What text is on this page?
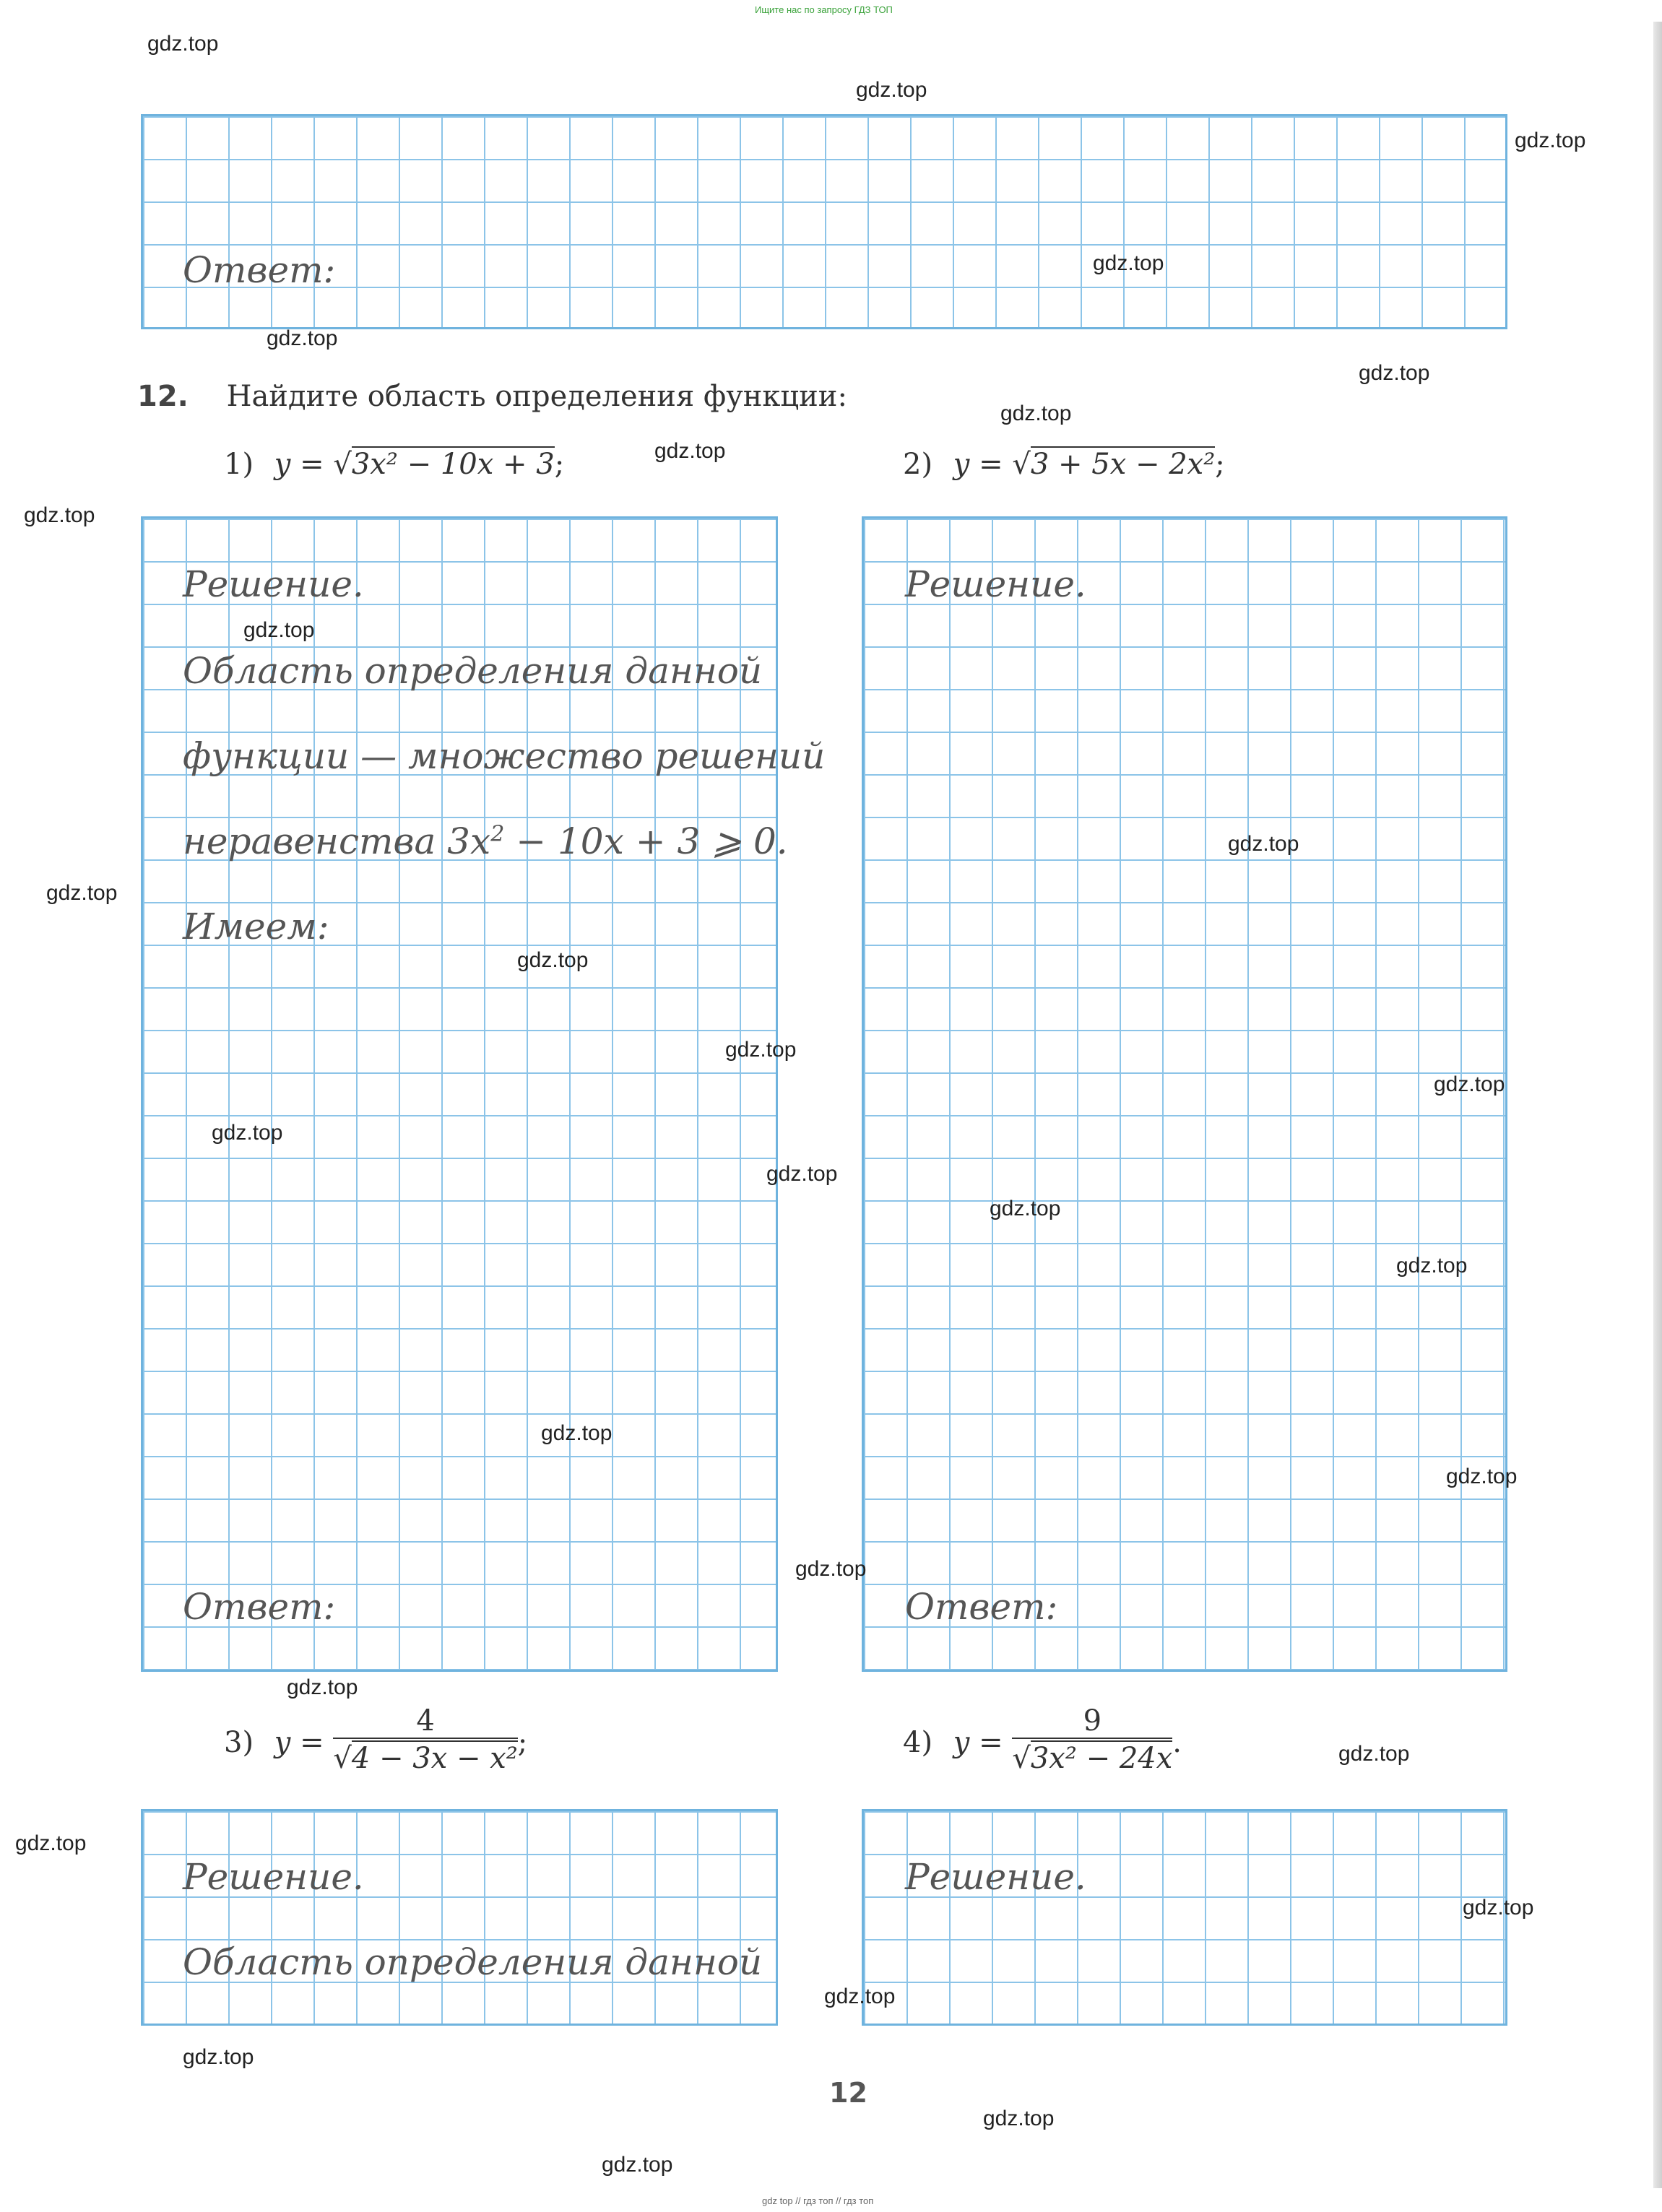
Ищите нас по запросу ГДЗ ТОП
gdz top // гдз топ // гдз топ
Ответ:
12. Найдите область определения функции:
1) y = √3x² − 10x + 3;	2) y = √3 + 5x − 2x²;
Решение.
Область определения данной
функции — множество решений
неравенства $3x^2 - 10x + 3$ ⩾ 0.
Имеем:
Ответ:
Решение.
Ответ:
3) $y = \frac{4}{\text{√4 − 3x − x²}}$ ;	4) $y = \frac{9}{\text{√3x² − 24x}}$ .
Решение.
Область определения данной
Решение.
12
gdz.top
gdz.top
gdz.top
gdz.top
gdz.top
gdz.top
gdz.top
gdz.top
gdz.top
gdz.top
gdz.top
gdz.top
gdz.top
gdz.top
gdz.top
gdz.top
gdz.top
gdz.top
gdz.top
gdz.top
gdz.top
gdz.top
gdz.top
gdz.top
gdz.top
gdz.top
gdz.top
gdz.top
gdz.top
gdz.top
